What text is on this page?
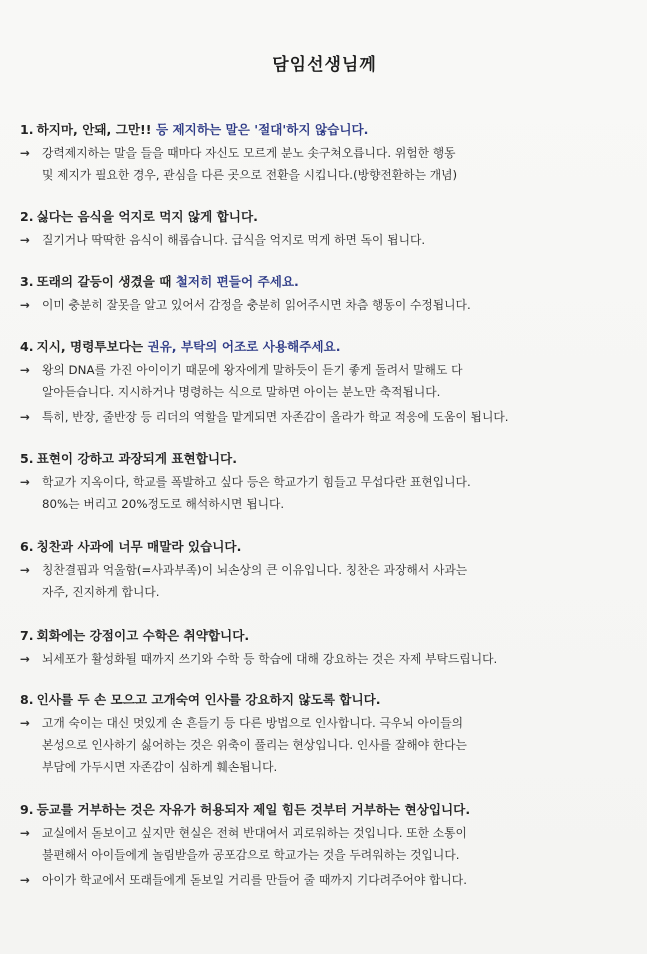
담임선생님께
1. 하지마, 안돼, 그만!! 등 제지하는 말은 '절대'하지 않습니다.
→	강력제지하는 말을 들을 때마다 자신도 모르게 분노 솟구쳐오릅니다. 위험한 행동
및 제지가 필요한 경우, 관심을 다른 곳으로 전환을 시킵니다.(방향전환하는 개념)
2. 싫다는 음식을 억지로 먹지 않게 합니다.
→	질기거나 딱딱한 음식이 해롭습니다. 급식을 억지로 먹게 하면 독이 됩니다.
3. 또래의 갈등이 생겼을 때 철저히 편들어 주세요.
→	이미 충분히 잘못을 알고 있어서 감정을 충분히 읽어주시면 차츰 행동이 수정됩니다.
4. 지시, 명령투보다는 권유, 부탁의 어조로 사용해주세요.
→	왕의 DNA를 가진 아이이기 때문에 왕자에게 말하듯이 듣기 좋게 돌려서 말해도 다
알아듣습니다. 지시하거나 명령하는 식으로 말하면 아이는 분노만 축적됩니다.
→	특히, 반장, 줄반장 등 리더의 역할을 맡게되면 자존감이 올라가 학교 적응에 도움이 됩니다.
5. 표현이 강하고 과장되게 표현합니다.
→	학교가 지옥이다, 학교를 폭발하고 싶다 등은 학교가기 힘들고 무섭다란 표현입니다.
80%는 버리고 20%정도로 해석하시면 됩니다.
6. 칭찬과 사과에 너무 매말라 있습니다.
→	칭찬결핍과 억울함(=사과부족)이 뇌손상의 큰 이유입니다. 칭찬은 과장해서 사과는
자주, 진지하게 합니다.
7. 회화에는 강점이고 수학은 취약합니다.
→	뇌세포가 활성화될 때까지 쓰기와 수학 등 학습에 대해 강요하는 것은 자제 부탁드립니다.
8. 인사를 두 손 모으고 고개숙여 인사를 강요하지 않도록 합니다.
→	고개 숙이는 대신 멋있게 손 흔들기 등 다른 방법으로 인사합니다. 극우뇌 아이들의
본성으로 인사하기 싫어하는 것은 위축이 풀리는 현상입니다. 인사를 잘해야 한다는
부담에 가두시면 자존감이 심하게 훼손됩니다.
9. 등교를 거부하는 것은 자유가 허용되자 제일 힘든 것부터 거부하는 현상입니다.
→	교실에서 돋보이고 싶지만 현실은 전혀 반대여서 괴로워하는 것입니다. 또한 소통이
불편해서 아이들에게 놀림받을까 공포감으로 학교가는 것을 두려워하는 것입니다.
→	아이가 학교에서 또래들에게 돋보일 거리를 만들어 줄 때까지 기다려주어야 합니다.
